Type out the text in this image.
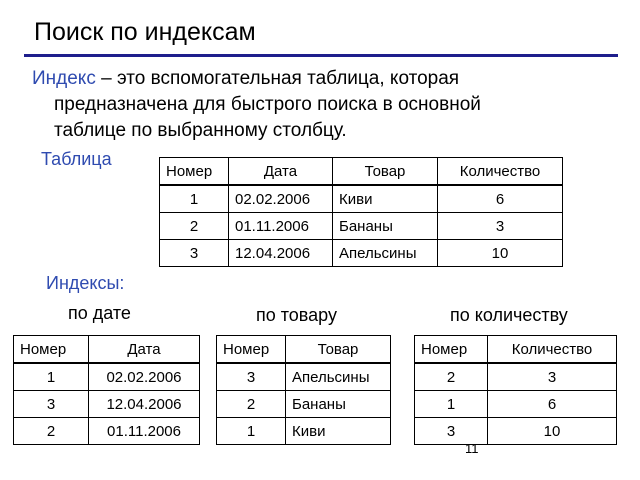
Поиск по индексам
Индекс – это вспомогательная таблица, которая
предназначена для быстрого поиска в основной
таблице по выбранному столбцу.
Таблица
Номер	Дата	Товар	Количество
1	02.02.2006	Киви	6
2	01.11.2006	Бананы	3
3	12.04.2006	Апельсины	10
Индексы:
по дате	по товару	по количеству
Номер	Дата
1	02.02.2006
3	12.04.2006
2	01.11.2006
Номер	Товар
3	Апельсины
2	Бананы
1	Киви
Номер	Количество
2	3
1	6
3	10
11
